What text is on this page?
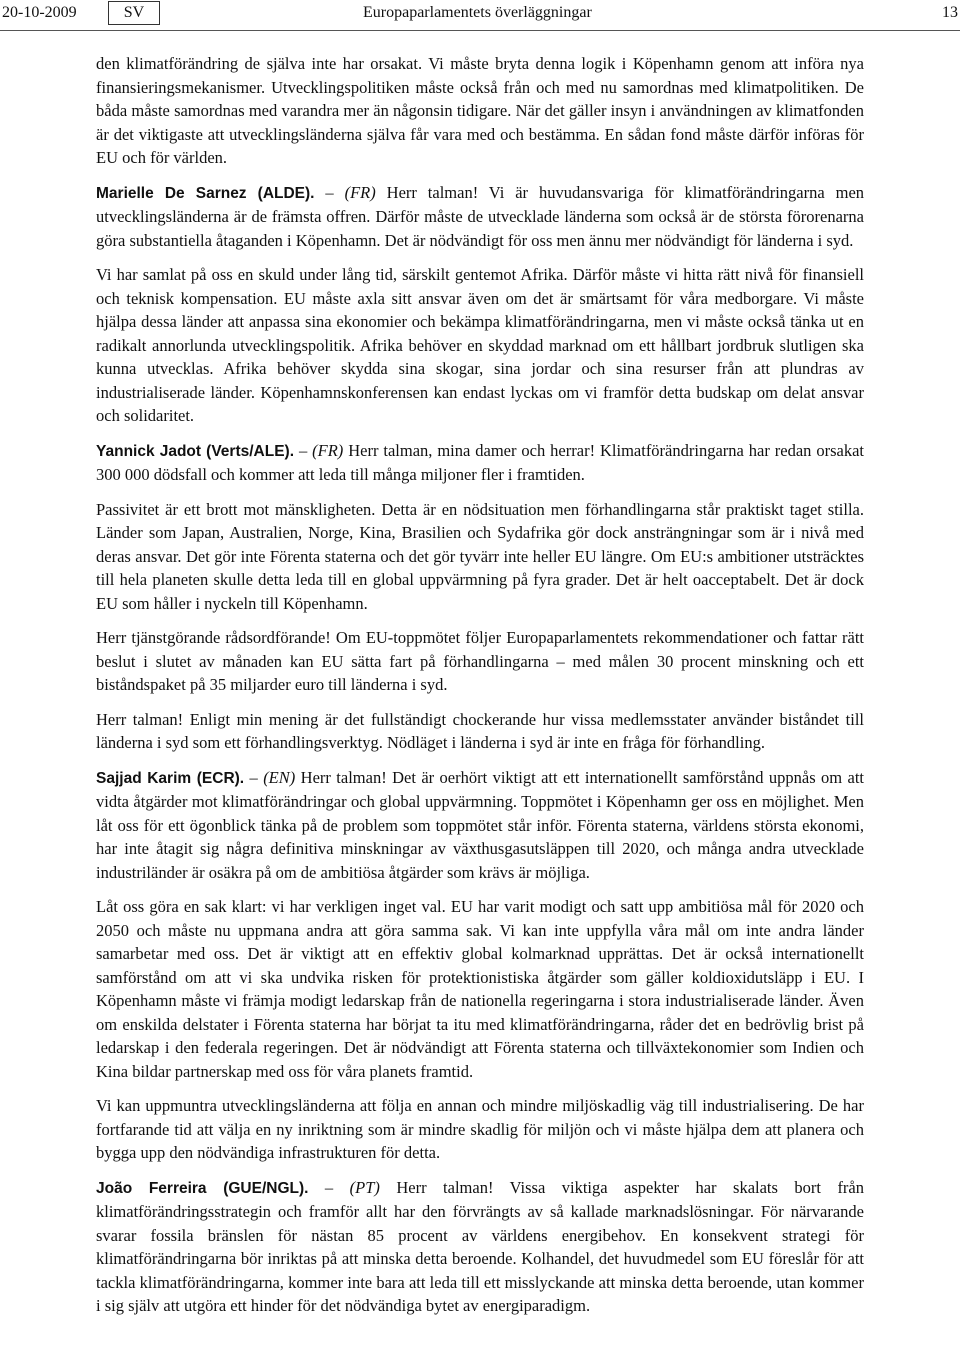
20-10-2009	SV	Europaparlamentets överläggningar	13

den klimatförändring de själva inte har orsakat. Vi måste bryta denna logik i Köpenhamn genom att införa nya finansieringsmekanismer. Utvecklingspolitiken måste också från och med nu samordnas med klimatpolitiken. De båda måste samordnas med varandra mer än någonsin tidigare. När det gäller insyn i användningen av klimatfonden är det viktigaste att utvecklingsländerna själva får vara med och bestämma. En sådan fond måste därför införas för EU och för världen.

Marielle De Sarnez (ALDE). – (FR) Herr talman! Vi är huvudansvariga för klimatförändringarna men utvecklingsländerna är de främsta offren. Därför måste de utvecklade länderna som också är de största förorenarna göra substantiella åtaganden i Köpenhamn. Det är nödvändigt för oss men ännu mer nödvändigt för länderna i syd.

Vi har samlat på oss en skuld under lång tid, särskilt gentemot Afrika. Därför måste vi hitta rätt nivå för finansiell och teknisk kompensation. EU måste axla sitt ansvar även om det är smärtsamt för våra medborgare. Vi måste hjälpa dessa länder att anpassa sina ekonomier och bekämpa klimatförändringarna, men vi måste också tänka ut en radikalt annorlunda utvecklingspolitik. Afrika behöver en skyddad marknad om ett hållbart jordbruk slutligen ska kunna utvecklas. Afrika behöver skydda sina skogar, sina jordar och sina resurser från att plundras av industrialiserade länder. Köpenhamnskonferensen kan endast lyckas om vi framför detta budskap om delat ansvar och solidaritet.

Yannick Jadot (Verts/ALE). – (FR) Herr talman, mina damer och herrar! Klimatförändringarna har redan orsakat 300 000 dödsfall och kommer att leda till många miljoner fler i framtiden.

Passivitet är ett brott mot mänskligheten. Detta är en nödsituation men förhandlingarna står praktiskt taget stilla. Länder som Japan, Australien, Norge, Kina, Brasilien och Sydafrika gör dock ansträngningar som är i nivå med deras ansvar. Det gör inte Förenta staterna och det gör tyvärr inte heller EU längre. Om EU:s ambitioner utsträcktes till hela planeten skulle detta leda till en global uppvärmning på fyra grader. Det är helt oacceptabelt. Det är dock EU som håller i nyckeln till Köpenhamn.

Herr tjänstgörande rådsordförande! Om EU-toppmötet följer Europaparlamentets rekommendationer och fattar rätt beslut i slutet av månaden kan EU sätta fart på förhandlingarna – med målen 30 procent minskning och ett biståndspaket på 35 miljarder euro till länderna i syd.

Herr talman! Enligt min mening är det fullständigt chockerande hur vissa medlemsstater använder biståndet till länderna i syd som ett förhandlingsverktyg. Nödläget i länderna i syd är inte en fråga för förhandling.

Sajjad Karim (ECR). – (EN) Herr talman! Det är oerhört viktigt att ett internationellt samförstånd uppnås om att vidta åtgärder mot klimatförändringar och global uppvärmning. Toppmötet i Köpenhamn ger oss en möjlighet. Men låt oss för ett ögonblick tänka på de problem som toppmötet står inför. Förenta staterna, världens största ekonomi, har inte åtagit sig några definitiva minskningar av växthusgasutsläppen till 2020, och många andra utvecklade industriländer är osäkra på om de ambitiösa åtgärder som krävs är möjliga.

Låt oss göra en sak klart: vi har verkligen inget val. EU har varit modigt och satt upp ambitiösa mål för 2020 och 2050 och måste nu uppmana andra att göra samma sak. Vi kan inte uppfylla våra mål om inte andra länder samarbetar med oss. Det är viktigt att en effektiv global kolmarknad upprättas. Det är också internationellt samförstånd om att vi ska undvika risken för protektionistiska åtgärder som gäller koldioxidutsläpp i EU. I Köpenhamn måste vi främja modigt ledarskap från de nationella regeringarna i stora industrialiserade länder. Även om enskilda delstater i Förenta staterna har börjat ta itu med klimatförändringarna, råder det en bedrövlig brist på ledarskap i den federala regeringen. Det är nödvändigt att Förenta staterna och tillväxtekonomier som Indien och Kina bildar partnerskap med oss för våra planets framtid.

Vi kan uppmuntra utvecklingsländerna att följa en annan och mindre miljöskadlig väg till industrialisering. De har fortfarande tid att välja en ny inriktning som är mindre skadlig för miljön och vi måste hjälpa dem att planera och bygga upp den nödvändiga infrastrukturen för detta.

João Ferreira (GUE/NGL). – (PT) Herr talman! Vissa viktiga aspekter har skalats bort från klimatförändringsstrategin och framför allt har den förvrängts av så kallade marknadslösningar. För närvarande svarar fossila bränslen för nästan 85 procent av världens energibehov. En konsekvent strategi för klimatförändringarna bör inriktas på att minska detta beroende. Kolhandel, det huvudmedel som EU föreslår för att tackla klimatförändringarna, kommer inte bara att leda till ett misslyckande att minska detta beroende, utan kommer i sig själv att utgöra ett hinder för det nödvändiga bytet av energiparadigm.
